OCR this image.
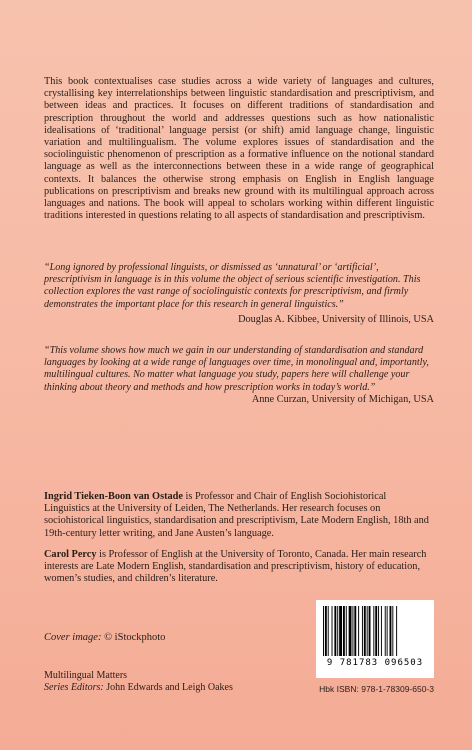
This book contextualises case studies across a wide variety of languages and cultures, crystallising key interrelationships between linguistic standardisation and prescriptivism, and between ideas and practices. It focuses on different traditions of standardisation and prescription throughout the world and addresses questions such as how nationalistic idealisations of ‘traditional’ language persist (or shift) amid language change, linguistic variation and multilingualism. The volume explores issues of standardisation and the sociolinguistic phenomenon of prescription as a formative influence on the notional standard language as well as the interconnections between these in a wide range of geographical contexts. It balances the otherwise strong emphasis on English in English language publications on prescriptivism and breaks new ground with its multilingual approach across languages and nations. The book will appeal to scholars working within different linguistic traditions interested in questions relating to all aspects of standardisation and prescriptivism.

“Long ignored by professional linguists, or dismissed as ‘unnatural’ or ‘artificial’, prescriptivism in language is in this volume the object of serious scientific investigation. This collection explores the vast range of sociolinguistic contexts for prescriptivism, and firmly demonstrates the important place for this research in general linguistics.”
Douglas A. Kibbee, University of Illinois, USA
“This volume shows how much we gain in our understanding of standardisation and standard languages by looking at a wide range of languages over time, in monolingual and, importantly, multilingual cultures. No matter what language you study, papers here will challenge your thinking about theory and methods and how prescription works in today’s world.”
Anne Curzan, University of Michigan, USA

Ingrid Tieken-Boon van Ostade is Professor and Chair of English Sociohistorical Linguistics at the University of Leiden, The Netherlands. Her research focuses on sociohistorical linguistics, standardisation and prescriptivism, Late Modern English, 18th and 19th-century letter writing, and Jane Austen’s language.

Carol Percy is Professor of English at the University of Toronto, Canada. Her main research interests are Late Modern English, standardisation and prescriptivism, history of education, women’s studies, and children’s literature.

Cover image: © iStockphoto
Multilingual Matters
Series Editors: John Edwards and Leigh Oakes
9 781783 096503
Hbk ISBN: 978-1-78309-650-3
